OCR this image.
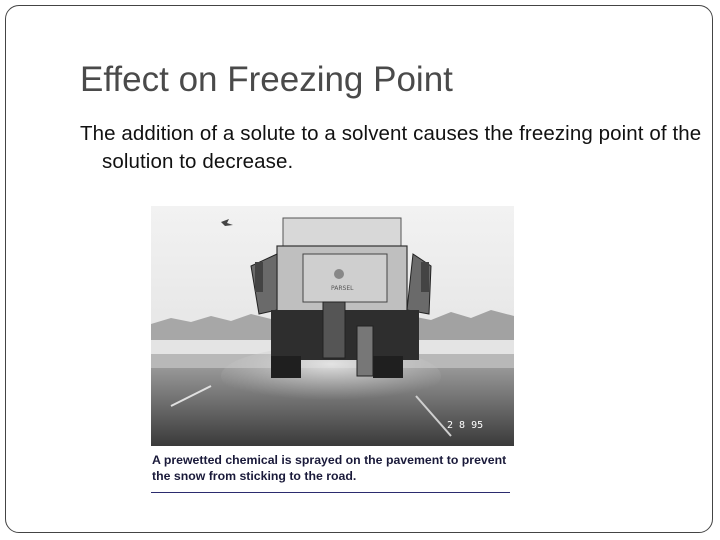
Effect on Freezing Point
The addition of a solute to a solvent causes the freezing point of the solution to decrease.
PARSEL
2 8 95
A prewetted chemical is sprayed on the pavement to prevent the snow from sticking to the road.
